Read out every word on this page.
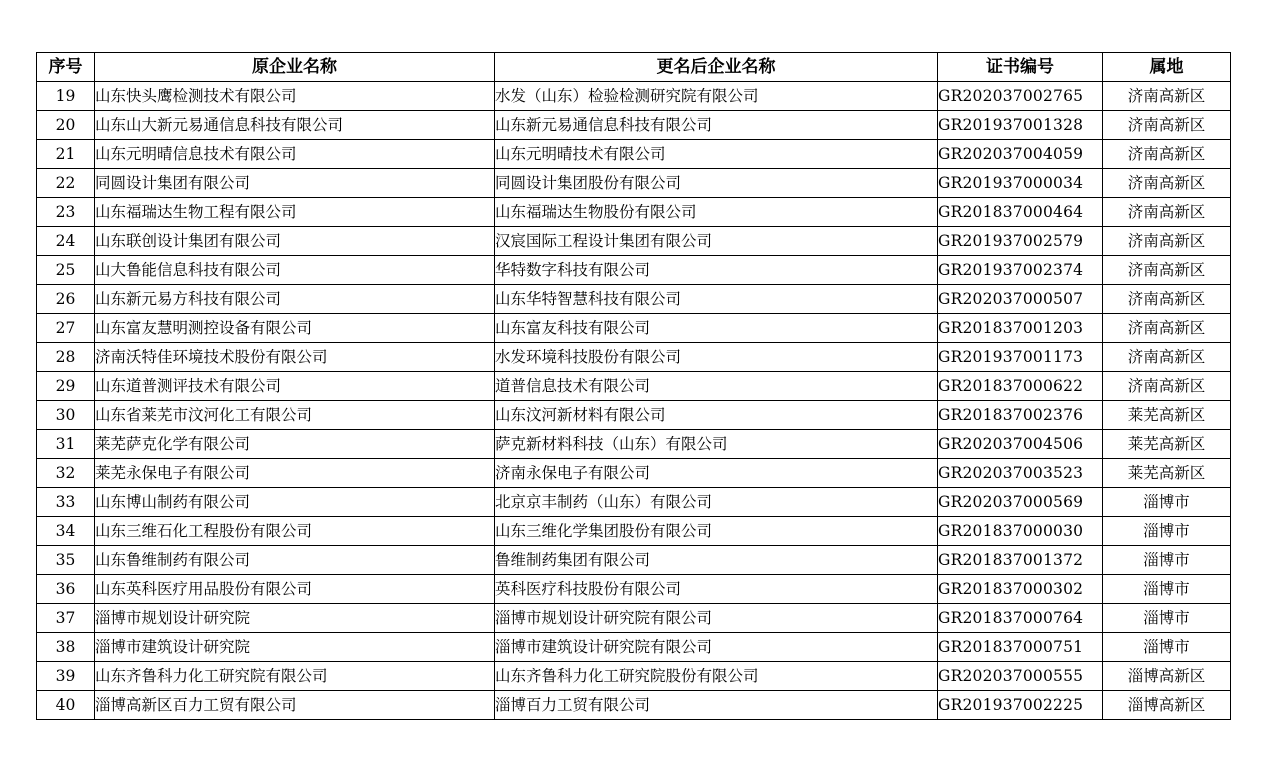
序号	原企业名称	更名后企业名称	证书编号	属地
19	山东快头鹰检测技术有限公司	水发（山东）检验检测研究院有限公司	GR202037002765	济南高新区
20	山东山大新元易通信息科技有限公司	山东新元易通信息科技有限公司	GR201937001328	济南高新区
21	山东元明晴信息技术有限公司	山东元明晴技术有限公司	GR202037004059	济南高新区
22	同圆设计集团有限公司	同圆设计集团股份有限公司	GR201937000034	济南高新区
23	山东福瑞达生物工程有限公司	山东福瑞达生物股份有限公司	GR201837000464	济南高新区
24	山东联创设计集团有限公司	汉宸国际工程设计集团有限公司	GR201937002579	济南高新区
25	山大鲁能信息科技有限公司	华特数字科技有限公司	GR201937002374	济南高新区
26	山东新元易方科技有限公司	山东华特智慧科技有限公司	GR202037000507	济南高新区
27	山东富友慧明测控设备有限公司	山东富友科技有限公司	GR201837001203	济南高新区
28	济南沃特佳环境技术股份有限公司	水发环境科技股份有限公司	GR201937001173	济南高新区
29	山东道普测评技术有限公司	道普信息技术有限公司	GR201837000622	济南高新区
30	山东省莱芜市汶河化工有限公司	山东汶河新材料有限公司	GR201837002376	莱芜高新区
31	莱芜萨克化学有限公司	萨克新材料科技（山东）有限公司	GR202037004506	莱芜高新区
32	莱芜永保电子有限公司	济南永保电子有限公司	GR202037003523	莱芜高新区
33	山东博山制药有限公司	北京京丰制药（山东）有限公司	GR202037000569	淄博市
34	山东三维石化工程股份有限公司	山东三维化学集团股份有限公司	GR201837000030	淄博市
35	山东鲁维制药有限公司	鲁维制药集团有限公司	GR201837001372	淄博市
36	山东英科医疗用品股份有限公司	英科医疗科技股份有限公司	GR201837000302	淄博市
37	淄博市规划设计研究院	淄博市规划设计研究院有限公司	GR201837000764	淄博市
38	淄博市建筑设计研究院	淄博市建筑设计研究院有限公司	GR201837000751	淄博市
39	山东齐鲁科力化工研究院有限公司	山东齐鲁科力化工研究院股份有限公司	GR202037000555	淄博高新区
40	淄博高新区百力工贸有限公司	淄博百力工贸有限公司	GR201937002225	淄博高新区
